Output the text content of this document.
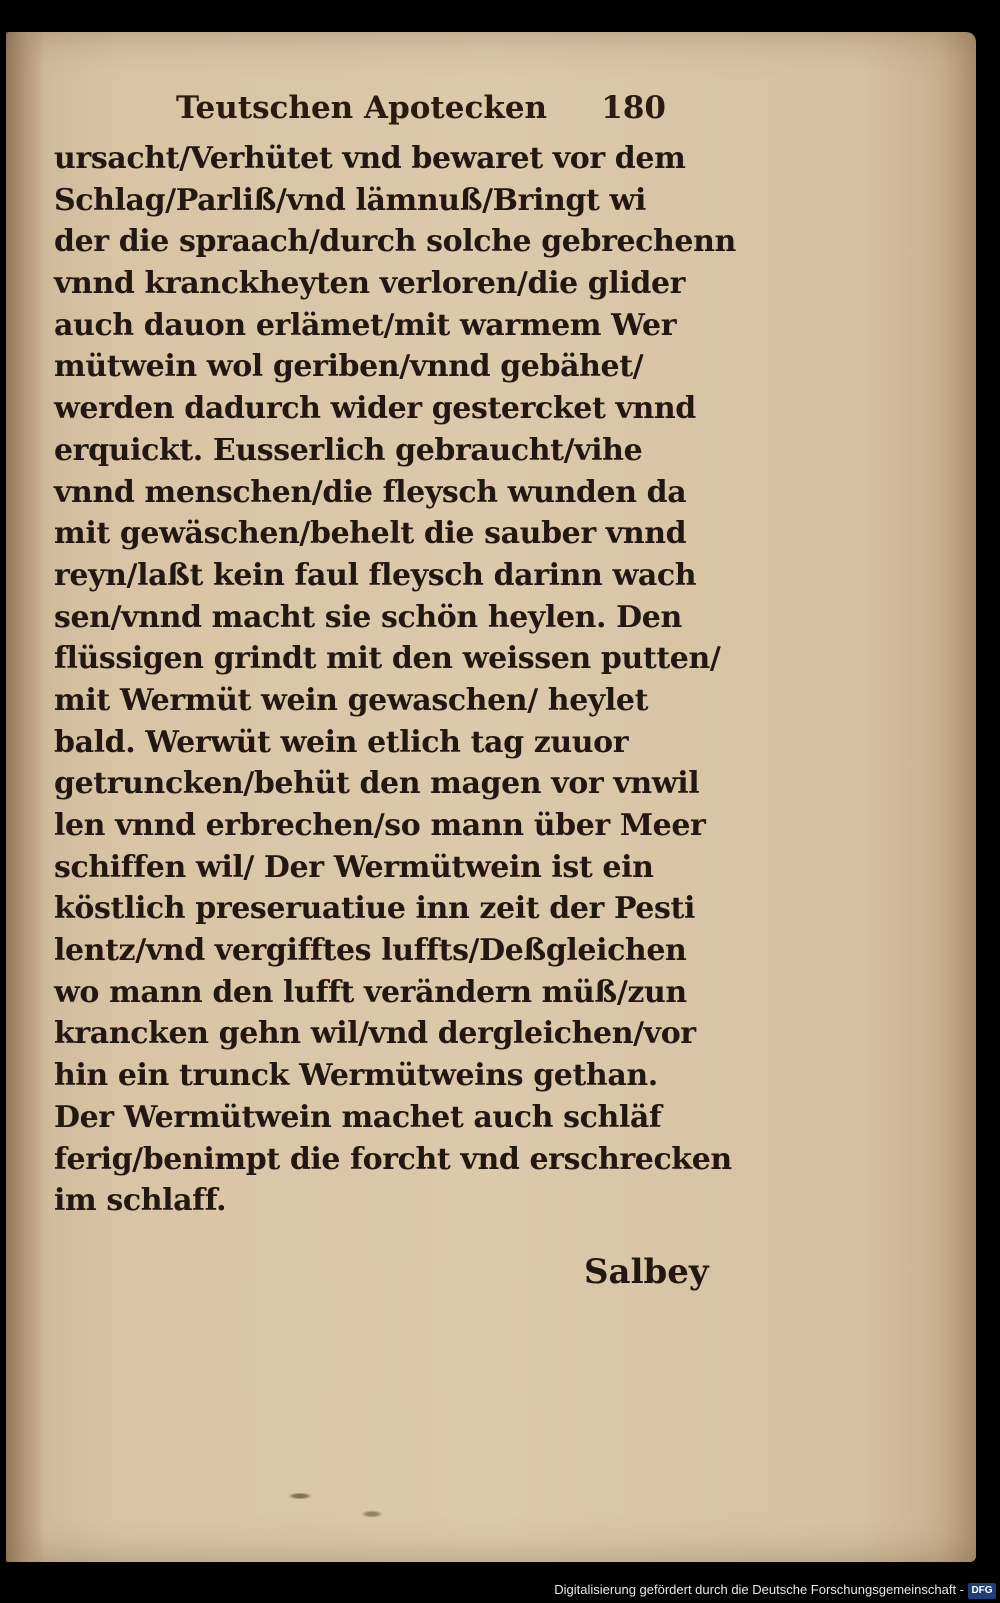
Teutschen Apotecken 180
ursacht/Verhütet vnd bewaret vor dem
Schlag/Parliß/vnd lämnuß/Bringt wi
der die spraach/durch solche gebrechenn
vnnd kranckheyten verloren/die glider
auch dauon erlämet/mit warmem Wer
mütwein wol geriben/vnnd gebähet/
werden dadurch wider gestercket vnnd
erquickt. Eusserlich gebraucht/vihe
vnnd menschen/die fleysch wunden da
mit gewäschen/behelt die sauber vnnd
reyn/laßt kein faul fleysch darinn wach
sen/vnnd macht sie schön heylen. Den
flüssigen grindt mit den weissen putten/
mit Wermüt wein gewaschen/ heylet
bald. Werwüt wein etlich tag zuuor
getruncken/behüt den magen vor vnwil
len vnnd erbrechen/so mann über Meer
schiffen wil/ Der Wermütwein ist ein
köstlich preseruatiue inn zeit der Pesti
lentz/vnd vergifftes luffts/Deßgleichen
wo mann den lufft verändern müß/zun
krancken gehn wil/vnd dergleichen/vor
hin ein trunck Wermütweins gethan.
Der Wermütwein machet auch schläf
ferig/benimpt die forcht vnd erschrecken
im schlaff.
Salbey
Digitalisierung gefördert durch die Deutsche Forschungsgemeinschaft - DFG
